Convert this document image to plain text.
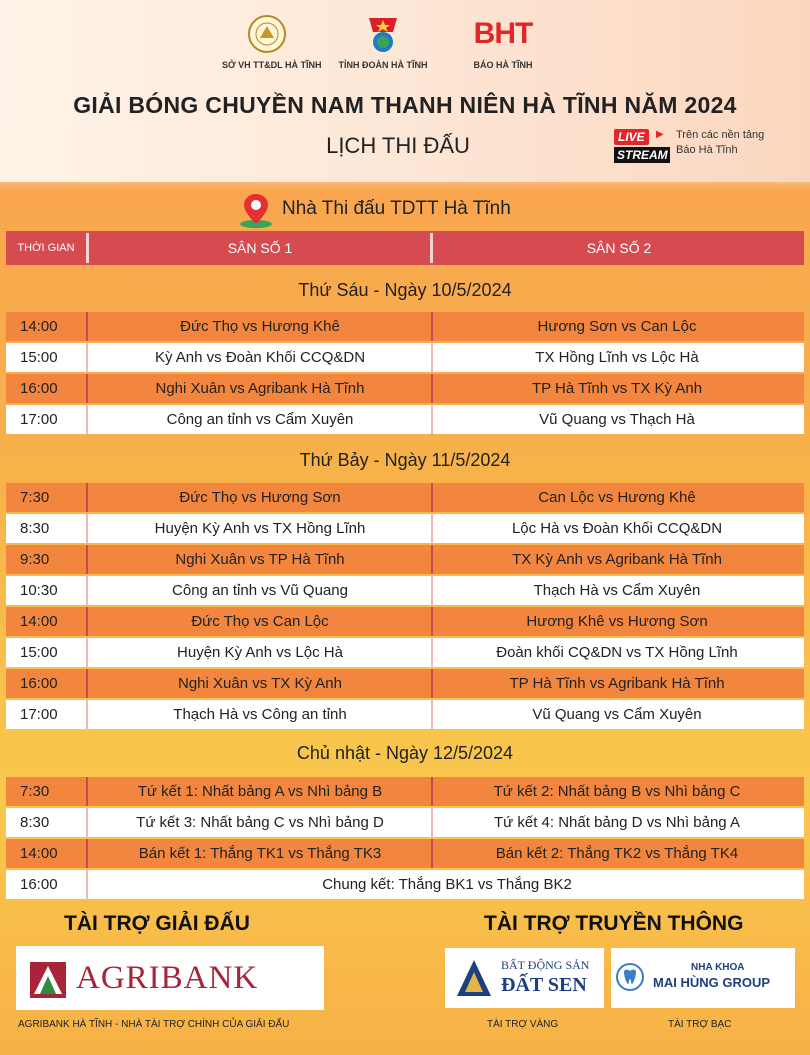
SỞ VH TT&DL HÀ TĨNH TỈNH ĐOÀN HÀ TĨNH
BHT
BÁO HÀ TĨNH
GIẢI BÓNG CHUYỀN NAM THANH NIÊN HÀ TĨNH NĂM 2024
LỊCH THI ĐẤU	LIVE ▶
STREAM
Trên các nền tảng
Báo Hà Tĩnh
Nhà Thi đấu TDTT Hà Tĩnh
THỜI GIAN	SÂN SỐ 1	SÂN SỐ 2
Thứ Sáu - Ngày 10/5/2024
14:00	Đức Thọ vs Hương Khê	Hương Sơn vs Can Lộc
15:00	Kỳ Anh vs Đoàn Khối CCQ&DN	TX Hồng Lĩnh vs Lộc Hà
16:00	Nghi Xuân vs Agribank Hà Tĩnh	TP Hà Tĩnh vs TX Kỳ Anh
17:00	Công an tỉnh vs Cẩm Xuyên	Vũ Quang vs Thạch Hà
Thứ Bảy - Ngày 11/5/2024
7:30	Đức Thọ vs Hương Sơn	Can Lộc vs Hương Khê
8:30	Huyện Kỳ Anh vs TX Hồng Lĩnh	Lộc Hà vs Đoàn Khối CCQ&DN
9:30	Nghi Xuân vs TP Hà Tĩnh	TX Kỳ Anh vs Agribank Hà Tĩnh
10:30	Công an tỉnh vs Vũ Quang	Thạch Hà vs Cẩm Xuyên
14:00	Đức Thọ vs Can Lộc	Hương Khê vs Hương Sơn
15:00	Huyện Kỳ Anh vs Lộc Hà	Đoàn khối CQ&DN vs TX Hồng Lĩnh
16:00	Nghi Xuân vs TX Kỳ Anh	TP Hà Tĩnh vs Agribank Hà Tĩnh
17:00	Thạch Hà vs Công an tỉnh	Vũ Quang vs Cẩm Xuyên
Chủ nhật - Ngày 12/5/2024
7:30	Tứ kết 1: Nhất bảng A vs Nhì bảng B	Tứ kết 2: Nhất bảng B vs Nhì bảng C
8:30	Tứ kết 3: Nhất bảng C vs Nhì bảng D	Tứ kết 4: Nhất bảng D vs Nhì bảng A
14:00	Bán kết 1: Thắng TK1 vs Thắng TK3	Bán kết 2: Thắng TK2 vs Thắng TK4
16:00	Chung kết: Thắng BK1 vs Thắng BK2
TÀI TRỢ GIẢI ĐẤU	TÀI TRỢ TRUYỀN THÔNG
AGRIBANK
AGRIBANK HÀ TĨNH - NHÀ TÀI TRỢ CHÍNH CỦA GIẢI ĐẤU
BẤT ĐỘNG SẢN
ĐẤT SEN
NHA KHOA
MAI HÙNG GROUP
TÀI TRỢ VÀNG	TÀI TRỢ BẠC
